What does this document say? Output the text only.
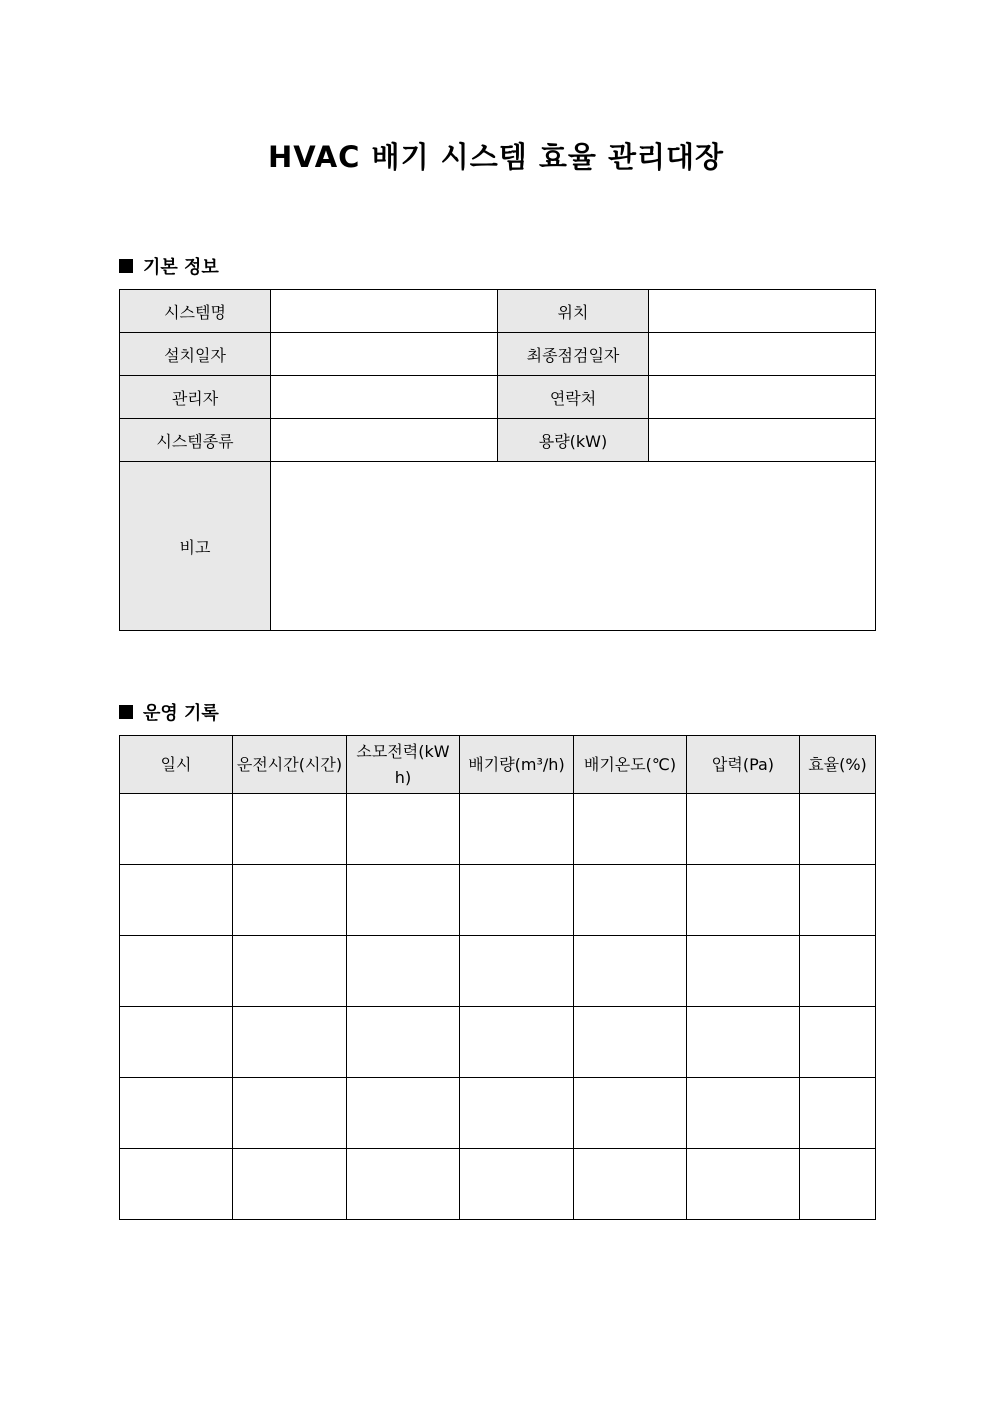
HVAC 배기 시스템 효율 관리대장
기본 정보
시스템명		위치	
설치일자		최종점검일자	
관리자		연락처	
시스템종류		용량(kW)	
비고			
운영 기록
일시	운전시간(시간)	소모전력(kWh)	배기량(m³/h)	배기온도(℃)	압력(Pa)	효율(%)
